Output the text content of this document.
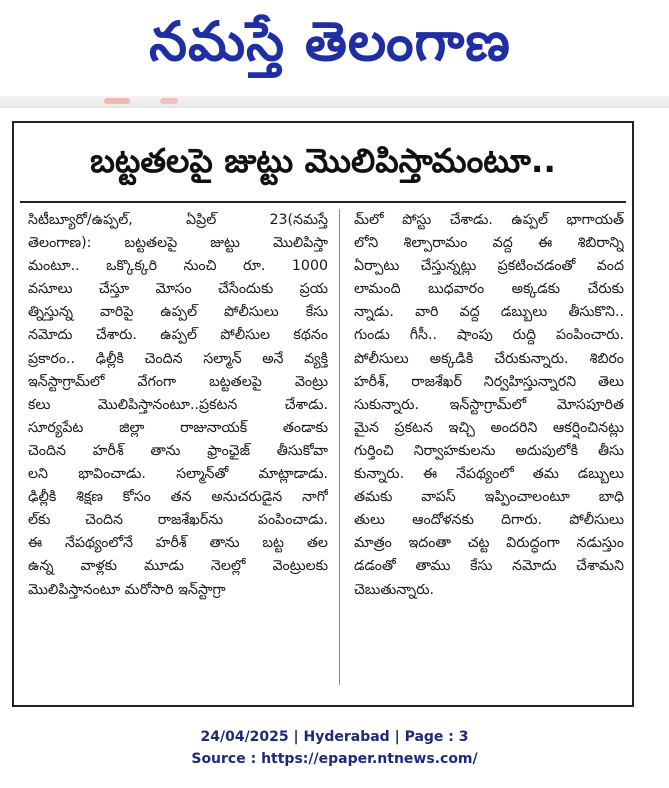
నమస్తే తెలంగాణ
బట్టతలపై జుట్టు మొలిపిస్తామంటూ..
సిటీబ్యూరో/ఉప్పల్, ఏప్రిల్ 23(నమస్తే
తెలంగాణ): బట్టతలపై జుట్టు మొలిపిస్తా
మంటూ.. ఒక్కొక్కరి నుంచి రూ. 1000
వసూలు చేస్తూ మోసం చేసేందుకు ప్రయ
త్నిస్తున్న వారిపై ఉప్పల్ పోలీసులు కేసు
నమోదు చేశారు. ఉప్పల్ పోలీసుల కథనం
ప్రకారం.. ఢిల్లీకి చెందిన సల్మాన్ అనే వ్యక్తి
ఇన్‌స్టాగ్రామ్‌లో వేగంగా బట్టతలపై వెంట్రు
కలు మొలిపిస్తానంటూ..ప్రకటన చేశాడు.
సూర్యపేట జిల్లా రాజునాయక్ తండాకు
చెందిన హరీశ్ తాను ఫ్రాంఛైజ్ తీసుకోవా
లని భావించాడు. సల్మాన్‌తో మాట్లాడాడు.
ఢిల్లీకి శిక్షణ కోసం తన అనుచరుడైన నాగో
ల్‌కు చెందిన రాజశేఖర్‌ను పంపించాడు.
ఈ నేపథ్యంలోనే హరీశ్ తాను బట్ట తల
ఉన్న వాళ్లకు మూడు నెలల్లో వెంట్రులకు
మొలిపిస్తానంటూ మరోసారి ఇన్‌స్టాగ్రా
మ్‌లో పోస్టు చేశాడు. ఉప్పల్ భాగాయత్
లోని శిల్పారామం వద్ద ఈ శిబిరాన్ని
ఏర్పాటు చేస్తున్నట్లు ప్రకటించడంతో వంద
లామంది బుధవారం అక్కడకు చేరుకు
న్నాడు. వారి వద్ద డబ్బులు తీసుకొని..
గుండు గీసీ.. షాంపు రుద్ది పంపించారు.
పోలీసులు అక్కడికి చేరుకున్నారు. శిబిరం
హరీశ్, రాజశేఖర్ నిర్వహిస్తున్నారని తెలు
సుకున్నారు. ఇన్‌స్టాగ్రామ్‌లో మోసపూరిత
మైన ప్రకటన ఇచ్చి అందరిని ఆకర్షించినట్లు
గుర్తించి నిర్వాహకులను అదుపులోకి తీసు
కున్నారు. ఈ నేపథ్యంలో తమ డబ్బులు
తమకు వాపస్ ఇప్పించాలంటూ బాధి
తులు ఆందోళనకు దిగారు. పోలీసులు
మాత్రం ఇదంతా చట్ట విరుద్ధంగా నడుస్తుం
డడంతో తాము కేసు నమోదు చేశామని
చెబుతున్నారు.
24/04/2025 | Hyderabad | Page : 3
Source : https://epaper.ntnews.com/
